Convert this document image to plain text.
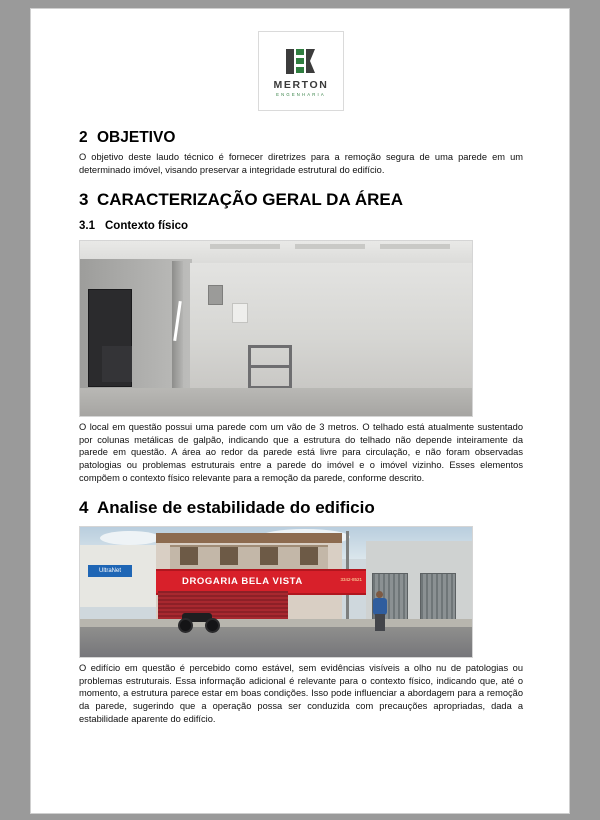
MERTON
ENGENHARIA
2 OBJETIVO

O objetivo deste laudo técnico é fornecer diretrizes para a remoção segura de uma parede em um determinado imóvel, visando preservar a integridade estrutural do edifício.

3 CARACTERIZAÇÃO GERAL DA ÁREA
3.1 Contexto físico

O local em questão possui uma parede com um vão de 3 metros. O telhado está atualmente sustentado por colunas metálicas de galpão, indicando que a estrutura do telhado não depende inteiramente da parede em questão. A área ao redor da parede está livre para circulação, e não foram observadas patologias ou problemas estruturais entre a parede do imóvel e o imóvel vizinho. Esses elementos compõem o contexto físico relevante para a remoção da parede, conforme descrito.

4 Analise de estabilidade do edificio
UltraNet
DROGARIA BELA VISTA	3342-8521

O edifício em questão é percebido como estável, sem evidências visíveis a olho nu de patologias ou problemas estruturais. Essa informação adicional é relevante para o contexto físico, indicando que, até o momento, a estrutura parece estar em boas condições. Isso pode influenciar a abordagem para a remoção da parede, sugerindo que a operação possa ser conduzida com precauções apropriadas, dada a estabilidade aparente do edifício.
